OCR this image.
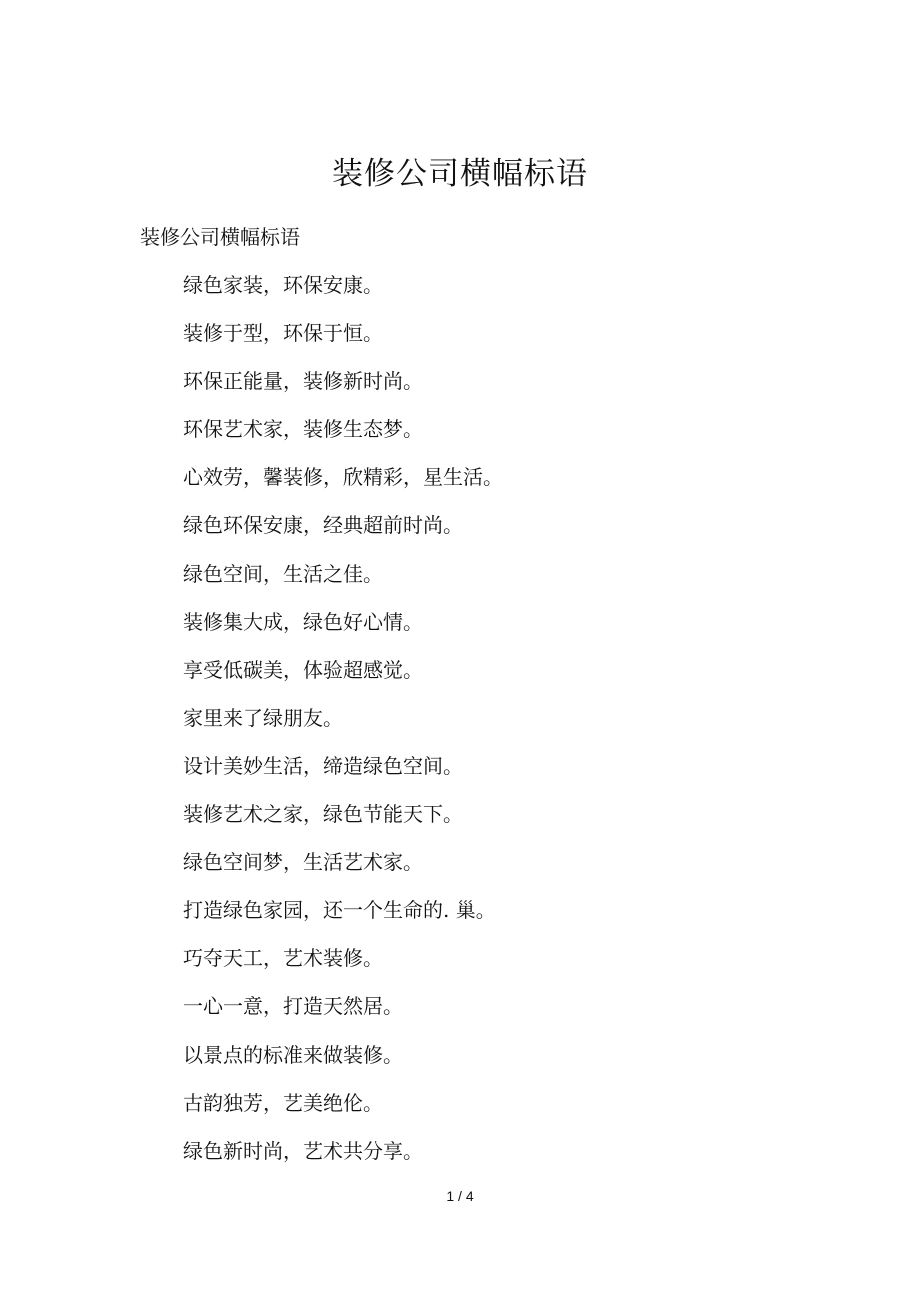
装修公司横幅标语

装修公司横幅标语

绿色家装，环保安康。
装修于型，环保于恒。
环保正能量，装修新时尚。
环保艺术家，装修生态梦。
心效劳，馨装修，欣精彩，星生活。
绿色环保安康，经典超前时尚。
绿色空间，生活之佳。
装修集大成，绿色好心情。
享受低碳美，体验超感觉。
家里来了绿朋友。
设计美妙生活，缔造绿色空间。
装修艺术之家，绿色节能天下。
绿色空间梦，生活艺术家。
打造绿色家园，还一个生命的. 巢。
巧夺天工，艺术装修。
一心一意，打造天然居。
以景点的标准来做装修。
古韵独芳，艺美绝伦。
绿色新时尚，艺术共分享。
1 / 4
